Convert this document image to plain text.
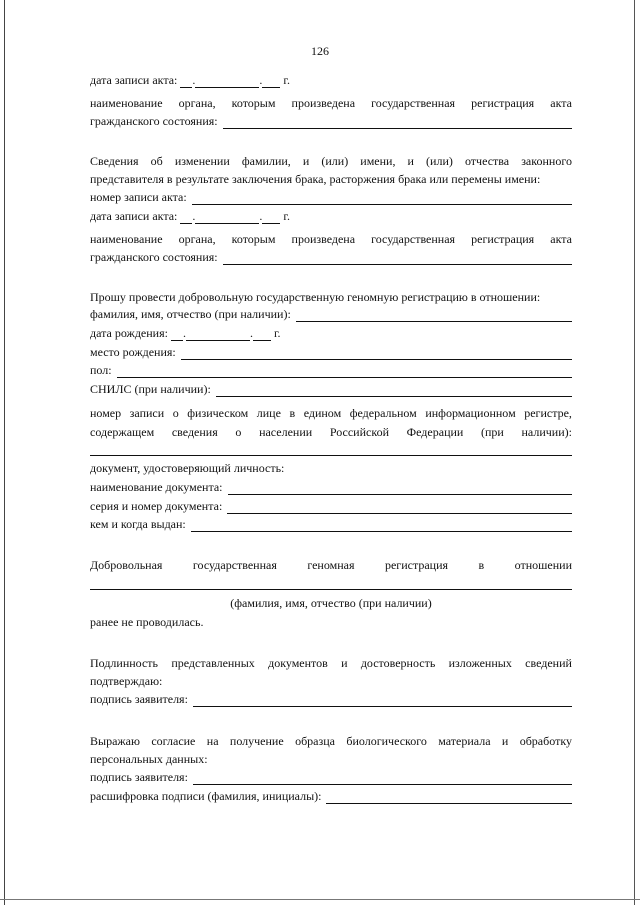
126
дата записи акта: .	. г.
наименование органа, которым произведена государственная регистрация акта
гражданского состояния:
Сведения об изменении фамилии, и (или) имени, и (или) отчества законного
представителя в результате заключения брака, расторжения брака или перемены имени:
номер записи акта:
дата записи акта: .	. г.
наименование органа, которым произведена государственная регистрация акта
гражданского состояния:
Прошу провести добровольную государственную геномную регистрацию в отношении:
фамилия, имя, отчество (при наличии):
дата рождения: .	. г.
место рождения:
пол:
СНИЛС (при наличии):
номер записи о физическом лице в едином федеральном информационном регистре,
содержащем сведения о населении Российской Федерации (при наличии):
документ, удостоверяющий личность:
наименование документа:
серия и номер документа:
кем и когда выдан:
Добровольная	государственная	геномная	регистрация	в	отношении
(фамилия, имя, отчество (при наличии)
ранее не проводилась.
Подлинность представленных документов и достоверность изложенных сведений
подтверждаю:
подпись заявителя:
Выражаю согласие на получение образца биологического материала и обработку
персональных данных:
подпись заявителя:
расшифровка подписи (фамилия, инициалы):
